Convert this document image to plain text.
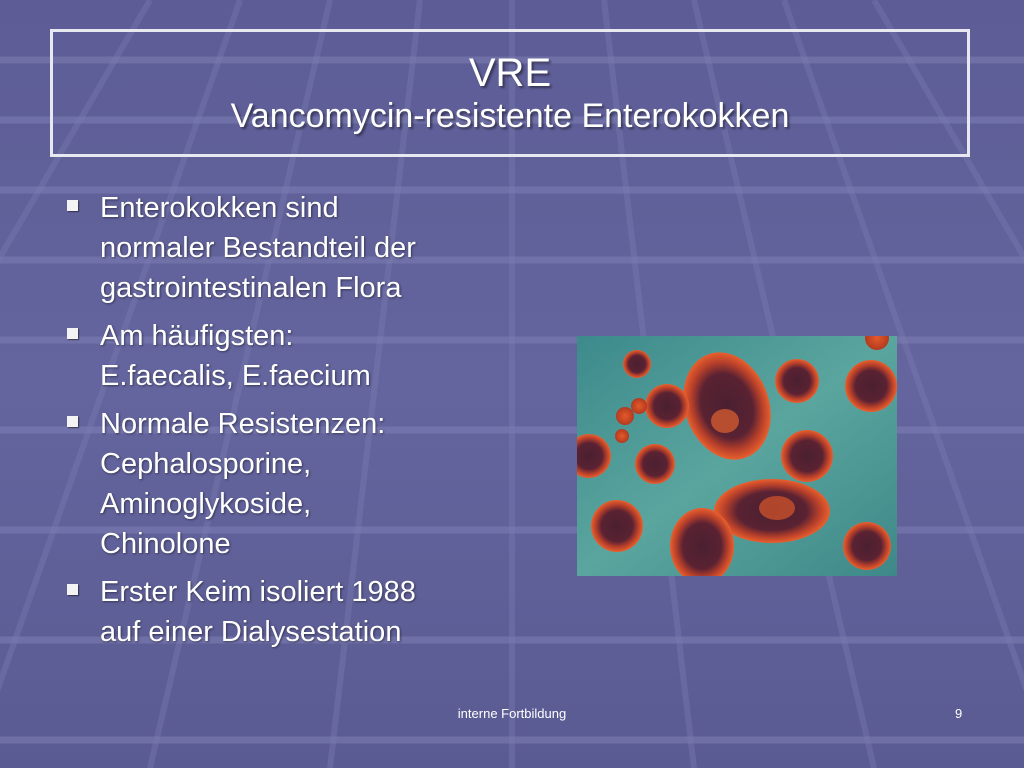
VRE
Vancomycin-resistente Enterokokken
Enterokokken sind
normaler Bestandteil der
gastrointestinalen Flora
Am häufigsten:
E.faecalis, E.faecium
Normale Resistenzen:
Cephalosporine,
Aminoglykoside,
Chinolone
Erster Keim isoliert 1988
auf einer Dialysestation
interne Fortbildung	9
